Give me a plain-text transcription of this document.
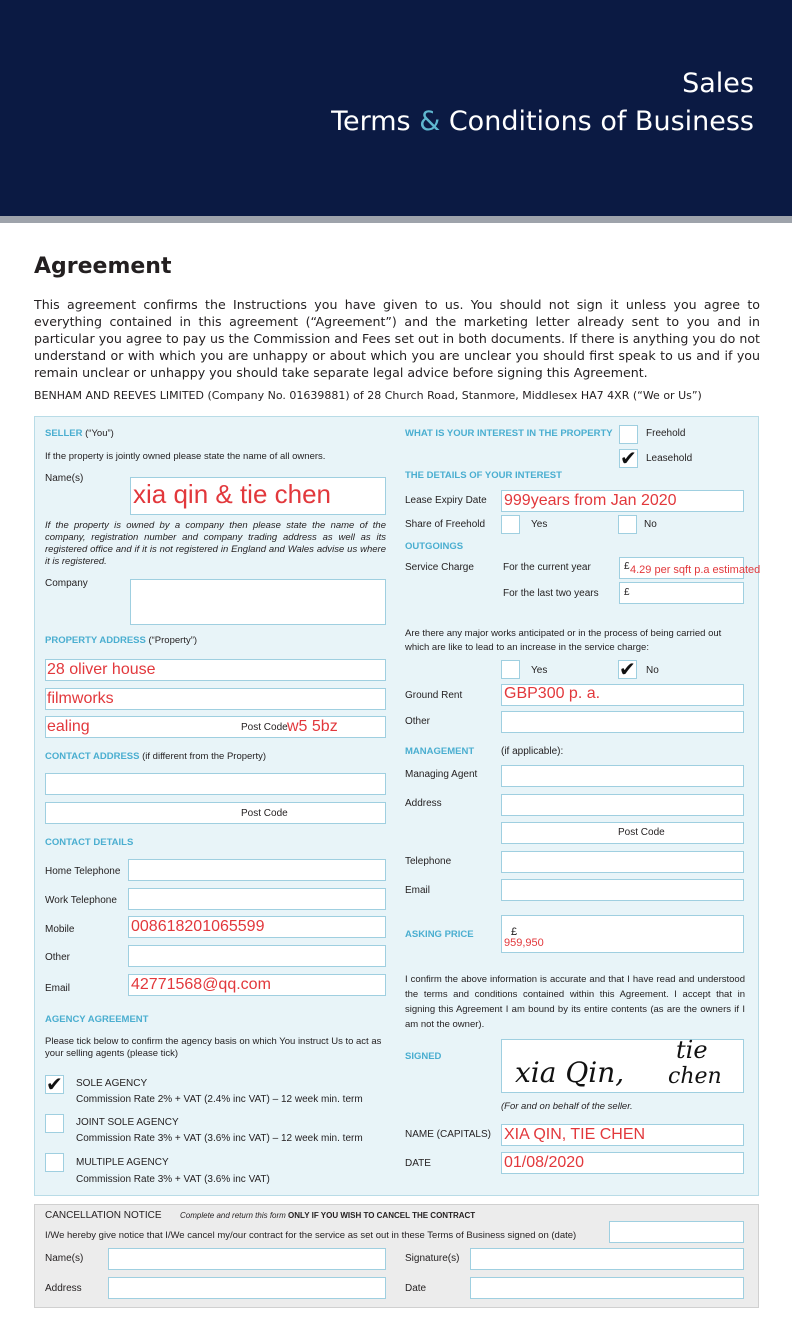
Sales
Terms & Conditions of Business
Agreement
This agreement confirms the Instructions you have given to us. You should not sign it unless you agree to everything contained in this agreement (“Agreement”) and the marketing letter already sent to you and in particular you agree to pay us the Commission and Fees set out in both documents. If there is anything you do not understand or with which you are unhappy or about which you are unclear you should first speak to us and if you remain unclear or unhappy you should take separate legal advice before signing this Agreement.
BENHAM AND REEVES LIMITED (Company No. 01639881) of 28 Church Road, Stanmore, Middlesex HA7 4XR (“We or Us”)
SELLER (“You”)
If the property is jointly owned please state the name of all owners.
Name(s)
xia qin & tie chen
If the property is owned by a company then please state the name of the company, registration number and company trading address as well as its registered office and if it is not registered in England and Wales advise us where it is registered.
Company
PROPERTY ADDRESS (“Property”)
28 oliver house
filmworks
ealing	Post Code w5 5bz
CONTACT ADDRESS (if different from the Property)
Post Code
CONTACT DETAILS
Home Telephone
Work Telephone
Mobile	008618201065599
Other
Email	42771568@qq.com
AGENCY AGREEMENT
Please tick below to confirm the agency basis on which You instruct Us to act as your selling agents (please tick)
✔ SOLE AGENCY
Commission Rate 2% + VAT (2.4% inc VAT) – 12 week min. term
JOINT SOLE AGENCY
Commission Rate 3% + VAT (3.6% inc VAT) – 12 week min. term
MULTIPLE AGENCY
Commission Rate 3% + VAT (3.6% inc VAT)
WHAT IS YOUR INTEREST IN THE PROPERTY	Freehold
✔ Leasehold
THE DETAILS OF YOUR INTEREST
Lease Expiry Date 999years from Jan 2020
Share of Freehold	Yes	No
OUTGOINGS
Service Charge	For the current year	£ 4.29 per sqft p.a estimated
For the last two years	£
Are there any major works anticipated or in the process of being carried out which are like to lead to an increase in the service charge:
Yes	✔ No
Ground Rent	GBP300 p. a.
Other
MANAGEMENT	(if applicable):
Managing Agent
Address
Post Code
Telephone
Email
ASKING PRICE	£
959,950
I confirm the above information is accurate and that I have read and understood the terms and conditions contained within this Agreement. I accept that in signing this Agreement I am bound by its entire contents (as are the owners if I am not the owner).
SIGNED	xia Qin,
tie
chen
(For and on behalf of the seller.
NAME (CAPITALS) XIA QIN, TIE CHEN
DATE	01/08/2020
CANCELLATION NOTICE Complete and return this form ONLY IF YOU WISH TO CANCEL THE CONTRACT
I/We hereby give notice that I/We cancel my/our contract for the service as set out in these Terms of Business signed on (date)
Name(s)	Signature(s)
Address	Date
